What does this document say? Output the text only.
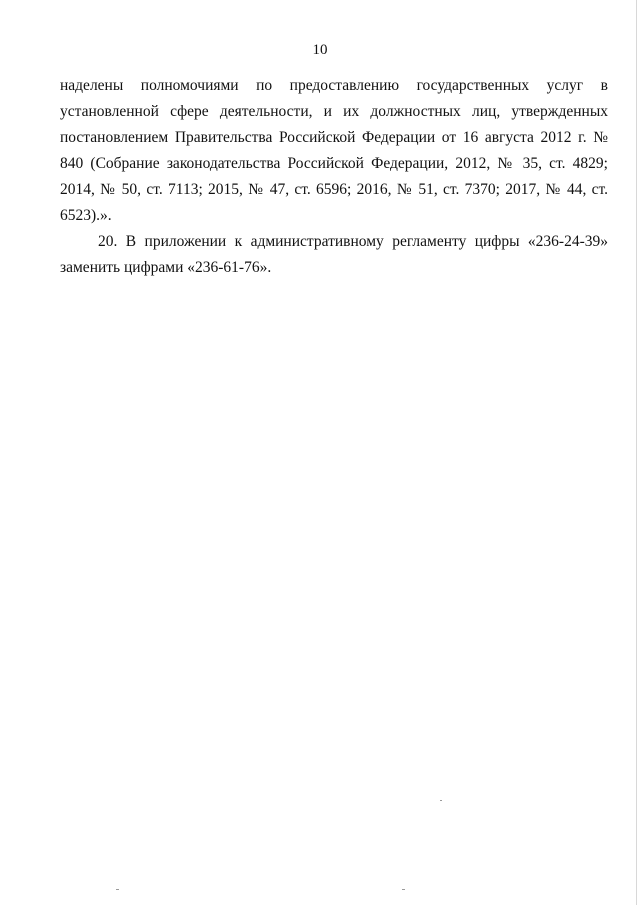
10

наделены полномочиями по предоставлению государственных услуг в установленной сфере деятельности, и их должностных лиц, утвержденных постановлением Правительства Российской Федерации от 16 августа 2012 г. № 840 (Собрание законодательства Российской Федерации, 2012, № 35, ст. 4829; 2014, № 50, ст. 7113; 2015, № 47, ст. 6596; 2016, № 51, ст. 7370; 2017, № 44, ст. 6523).».

20. В приложении к административному регламенту цифры «236-24-39» заменить цифрами «236-61-76».
